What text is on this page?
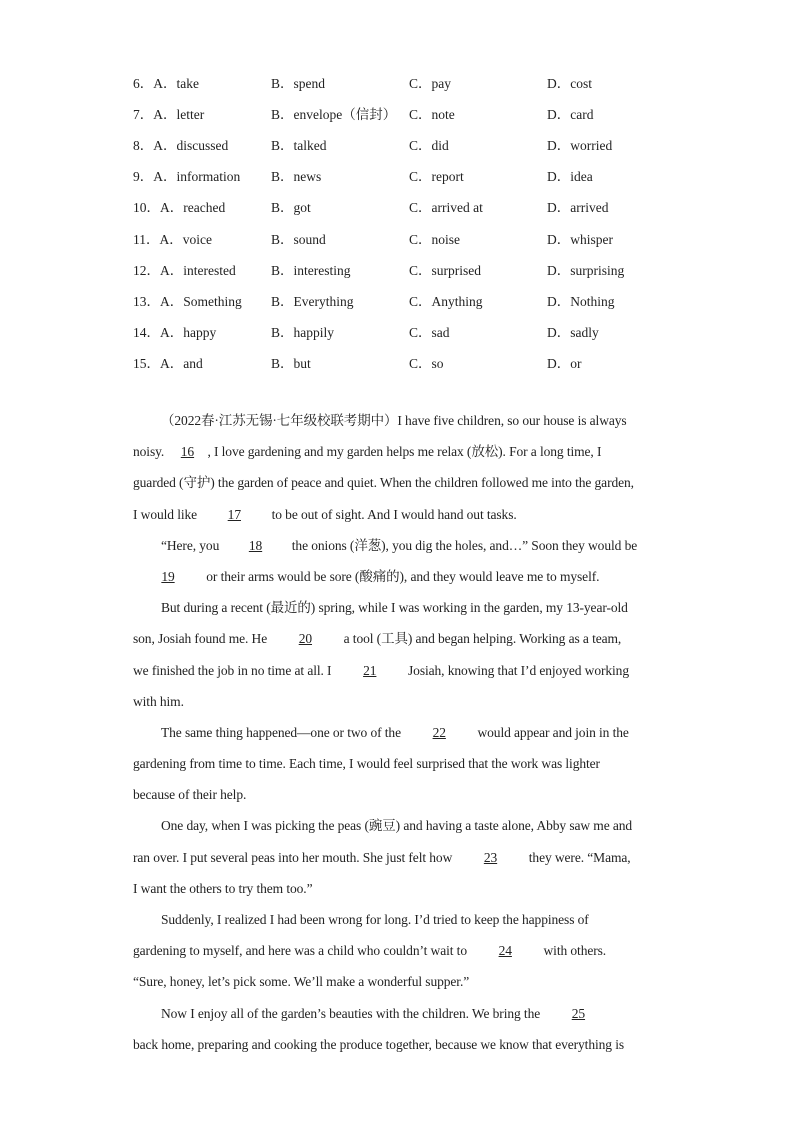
6．A．take	B．spend	C．pay	D．cost
7．A．letter	B．envelope（信封） C．note	D．card
8．A．discussed	B．talked	C．did	D．worried
9．A．information	B．news	C．report	D．idea
10．A．reached	B．got	C．arrived at	D．arrived
11．A．voice	B．sound	C．noise	D．whisper
12．A．interested	B．interesting	C．surprised	D．surprising
13．A．Something	B．Everything	C．Anything	D．Nothing
14．A．happy	B．happily	C．sad	D．sadly
15．A．and	B．but	C．so	D．or
（2022春·江苏无锡·七年级校联考期中）I have five children, so our house is always
noisy. 16 , I love gardening and my garden helps me relax (放松). For a long time, I
guarded (守护) the garden of peace and quiet. When the children followed me into the garden,
I would like 17 to be out of sight. And I would hand out tasks.
“Here, you 18 the onions (洋葱), you dig the holes, and…” Soon they would be
19 or their arms would be sore (酸痛的), and they would leave me to myself.
But during a recent (最近的) spring, while I was working in the garden, my 13-year-old
son, Josiah found me. He 20 a tool (工具) and began helping. Working as a team,
we finished the job in no time at all. I 21 Josiah, knowing that I’d enjoyed working
with him.
The same thing happened—one or two of the 22 would appear and join in the
gardening from time to time. Each time, I would feel surprised that the work was lighter
because of their help.
One day, when I was picking the peas (豌豆) and having a taste alone, Abby saw me and
ran over. I put several peas into her mouth. She just felt how 23 they were. “Mama,
I want the others to try them too.”
Suddenly, I realized I had been wrong for long. I’d tried to keep the happiness of
gardening to myself, and here was a child who couldn’t wait to 24 with others.
“Sure, honey, let’s pick some. We’ll make a wonderful supper.”
Now I enjoy all of the garden’s beauties with the children. We bring the 25
back home, preparing and cooking the produce together, because we know that everything is
